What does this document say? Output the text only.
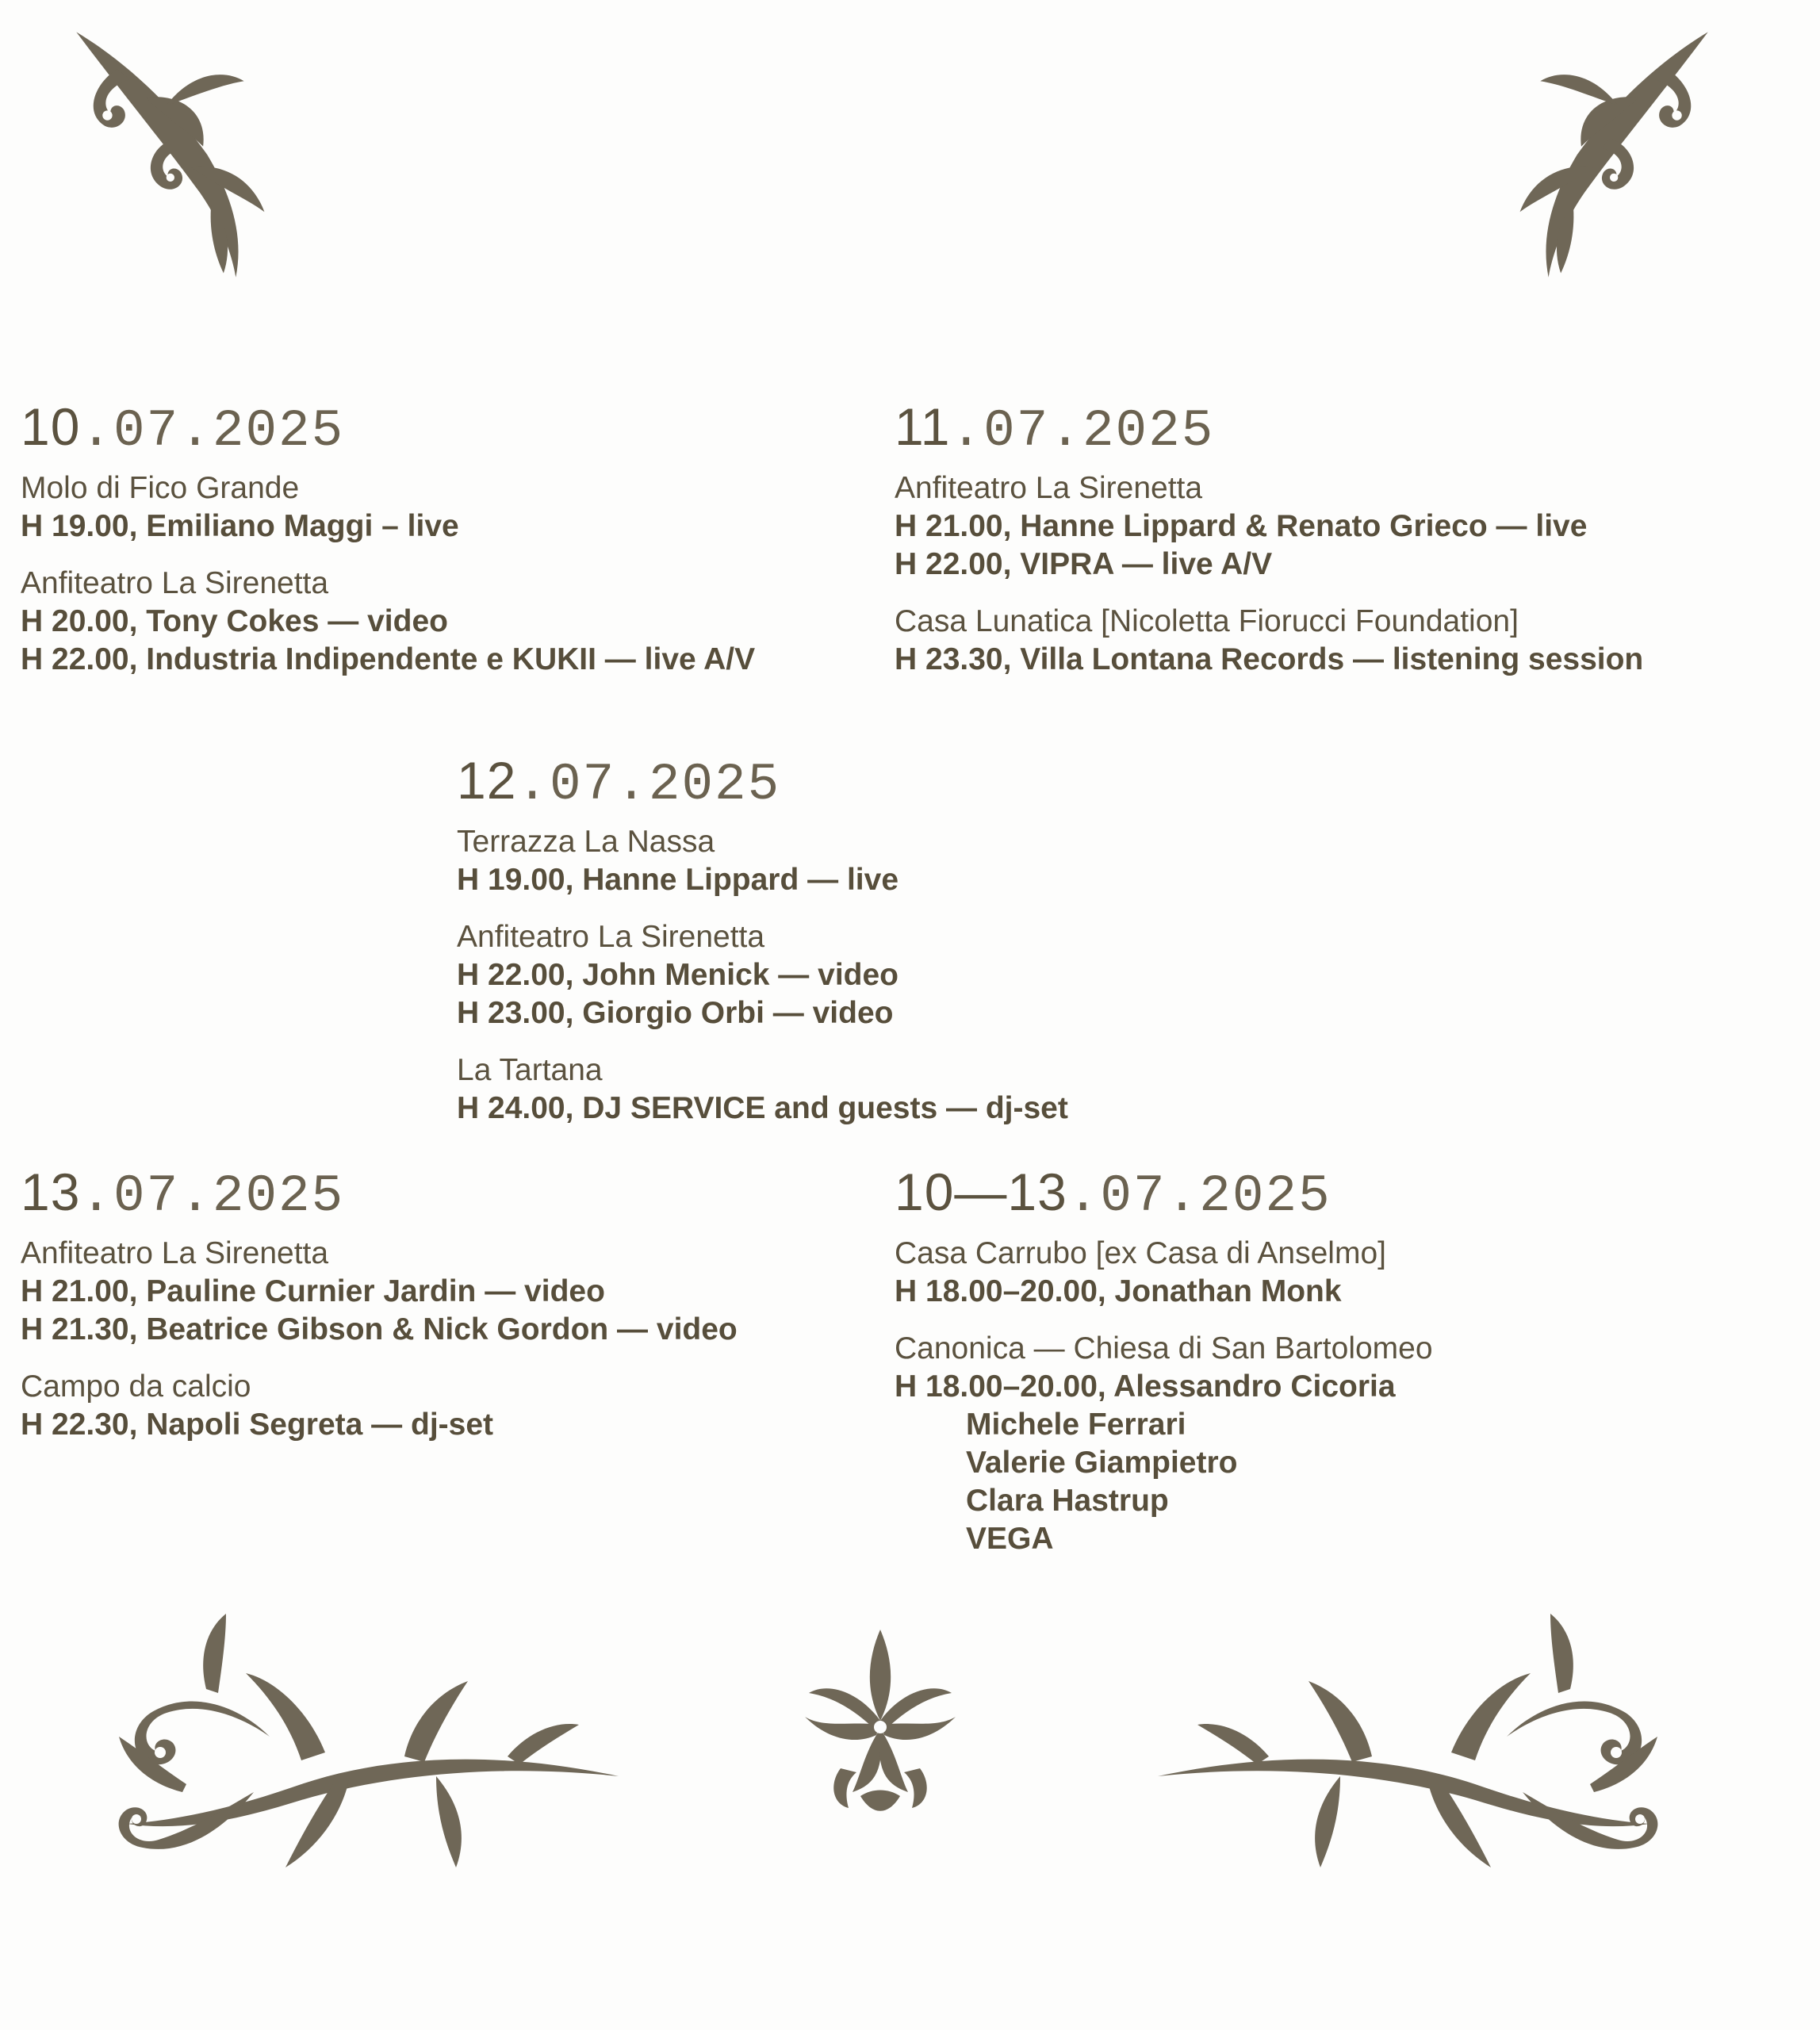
10.07.2025
Molo di Fico Grande
H 19.00, Emiliano Maggi – live
Anfiteatro La Sirenetta
H 20.00, Tony Cokes — video
H 22.00, Industria Indipendente e KUKII — live A/V
11.07.2025
Anfiteatro La Sirenetta
H 21.00, Hanne Lippard & Renato Grieco — live
H 22.00, VIPRA — live A/V
Casa Lunatica [Nicoletta Fiorucci Foundation]
H 23.30, Villa Lontana Records — listening session
12.07.2025
Terrazza La Nassa
H 19.00, Hanne Lippard — live
Anfiteatro La Sirenetta
H 22.00, John Menick — video
H 23.00, Giorgio Orbi — video
La Tartana
H 24.00, DJ SERVICE and guests — dj-set
13.07.2025
Anfiteatro La Sirenetta
H 21.00, Pauline Curnier Jardin — video
H 21.30, Beatrice Gibson & Nick Gordon — video
Campo da calcio
H 22.30, Napoli Segreta — dj-set
10—13.07.2025
Casa Carrubo [ex Casa di Anselmo]
H 18.00–20.00, Jonathan Monk
Canonica — Chiesa di San Bartolomeo
H 18.00–20.00, Alessandro Cicoria
Michele Ferrari
Valerie Giampietro
Clara Hastrup
VEGA
